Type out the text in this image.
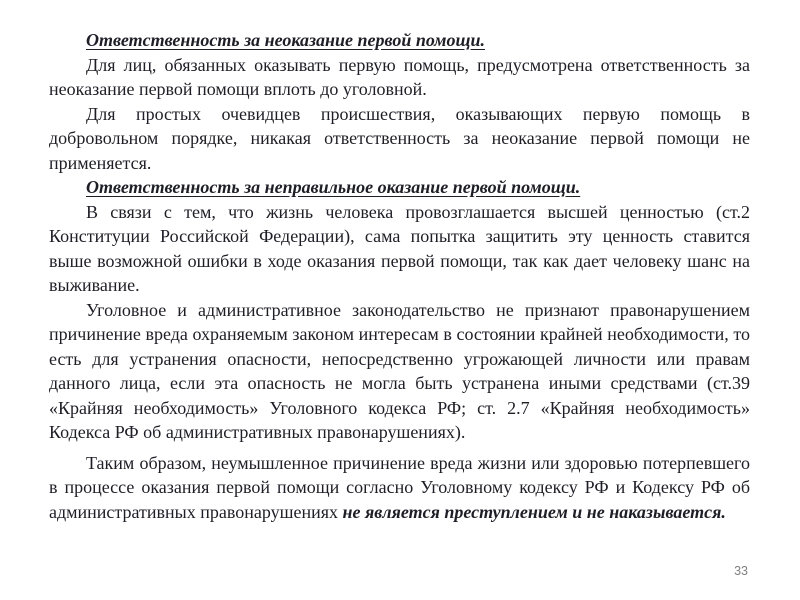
Ответственность за неоказание первой помощи.

Для лиц, обязанных оказывать первую помощь, предусмотрена ответственность за неоказание первой помощи вплоть до уголовной.

Для простых очевидцев происшествия, оказывающих первую помощь в добровольном порядке, никакая ответственность за неоказание первой помощи не применяется.

Ответственность за неправильное оказание первой помощи.

В связи с тем, что жизнь человека провозглашается высшей ценностью (ст.2 Конституции Российской Федерации), сама попытка защитить эту ценность ставится выше возможной ошибки в ходе оказания первой помощи, так как дает человеку шанс на выживание.

Уголовное и административное законодательство не признают правонарушением причинение вреда охраняемым законом интересам в состоянии крайней необходимости, то есть для устранения опасности, непосредственно угрожающей личности или правам данного лица, если эта опасность не могла быть устранена иными средствами (ст.39 «Крайняя необходимость» Уголовного кодекса РФ; ст. 2.7 «Крайняя необходимость» Кодекса РФ об административных правонарушениях).

Таким образом, неумышленное причинение вреда жизни или здоровью потерпевшего в процессе оказания первой помощи согласно Уголовному кодексу РФ и Кодексу РФ об административных правонарушениях не является преступлением и не наказывается.

33
